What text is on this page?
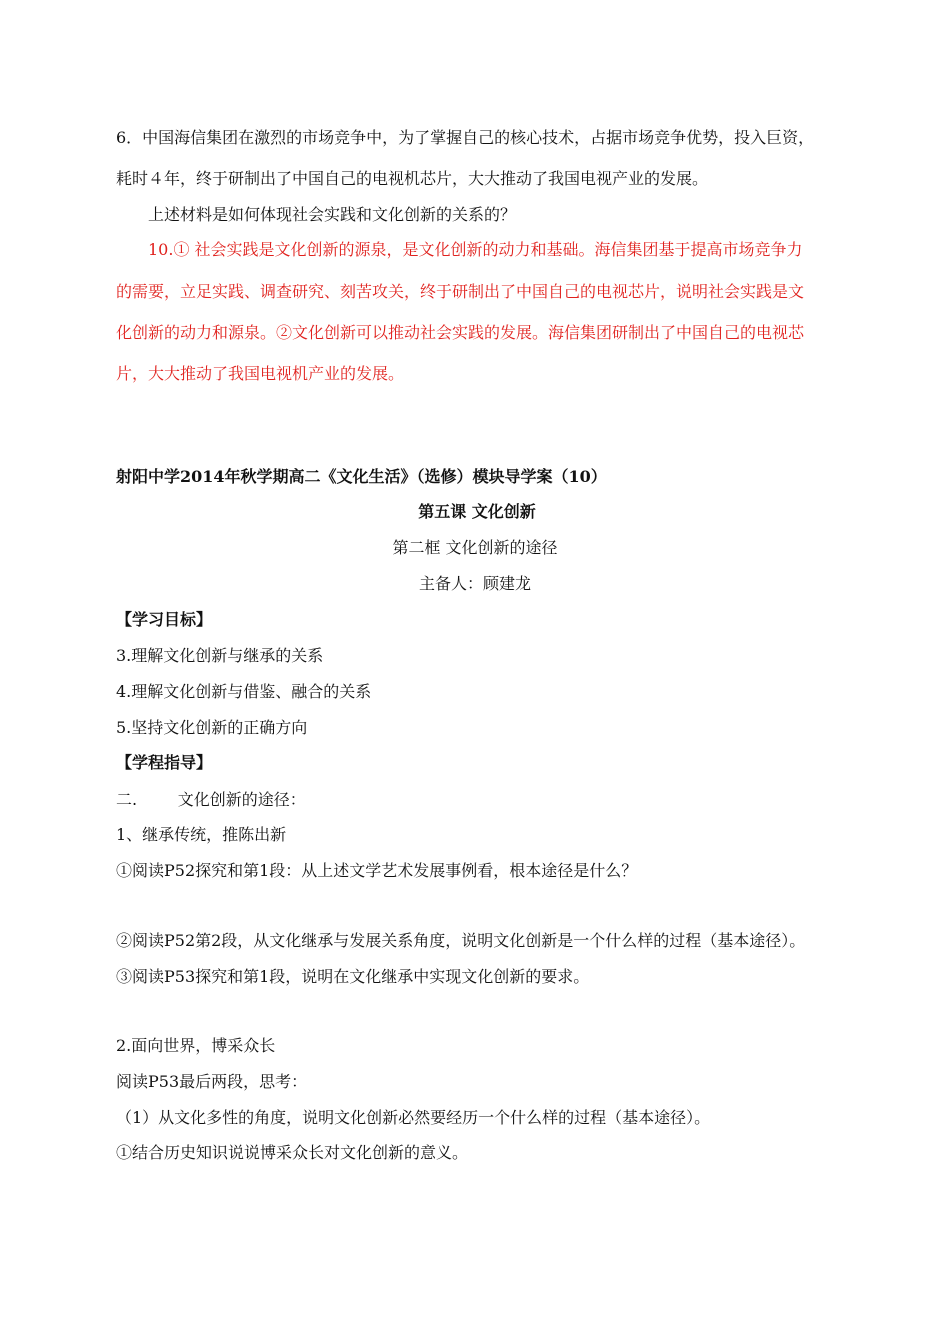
6．中国海信集团在激烈的市场竞争中，为了掌握自己的核心技术，占据市场竞争优势，投入巨资，
耗时４年，终于研制出了中国自己的电视机芯片，大大推动了我国电视产业的发展。
上述材料是如何体现社会实践和文化创新的关系的？
10.① 社会实践是文化创新的源泉，是文化创新的动力和基础。海信集团基于提高市场竞争力
的需要，立足实践、调查研究、刻苦攻关，终于研制出了中国自己的电视芯片，说明社会实践是文
化创新的动力和源泉。②文化创新可以推动社会实践的发展。海信集团研制出了中国自己的电视芯
片，大大推动了我国电视机产业的发展。
射阳中学2014年秋学期高二《文化生活》（选修）模块导学案（10）
第五课 文化创新
第二框 文化创新的途径
主备人：顾建龙
【学习目标】
3.理解文化创新与继承的关系
4.理解文化创新与借鉴、融合的关系
5.坚持文化创新的正确方向
【学程指导】
二.        文化创新的途径：
1、继承传统，推陈出新
①阅读P52探究和第1段：从上述文学艺术发展事例看，根本途径是什么？
②阅读P52第2段，从文化继承与发展关系角度，说明文化创新是一个什么样的过程（基本途径）。
③阅读P53探究和第1段，说明在文化继承中实现文化创新的要求。
2.面向世界，博采众长
阅读P53最后两段，思考：
（1）从文化多性的角度，说明文化创新必然要经历一个什么样的过程（基本途径）。
①结合历史知识说说博采众长对文化创新的意义。
